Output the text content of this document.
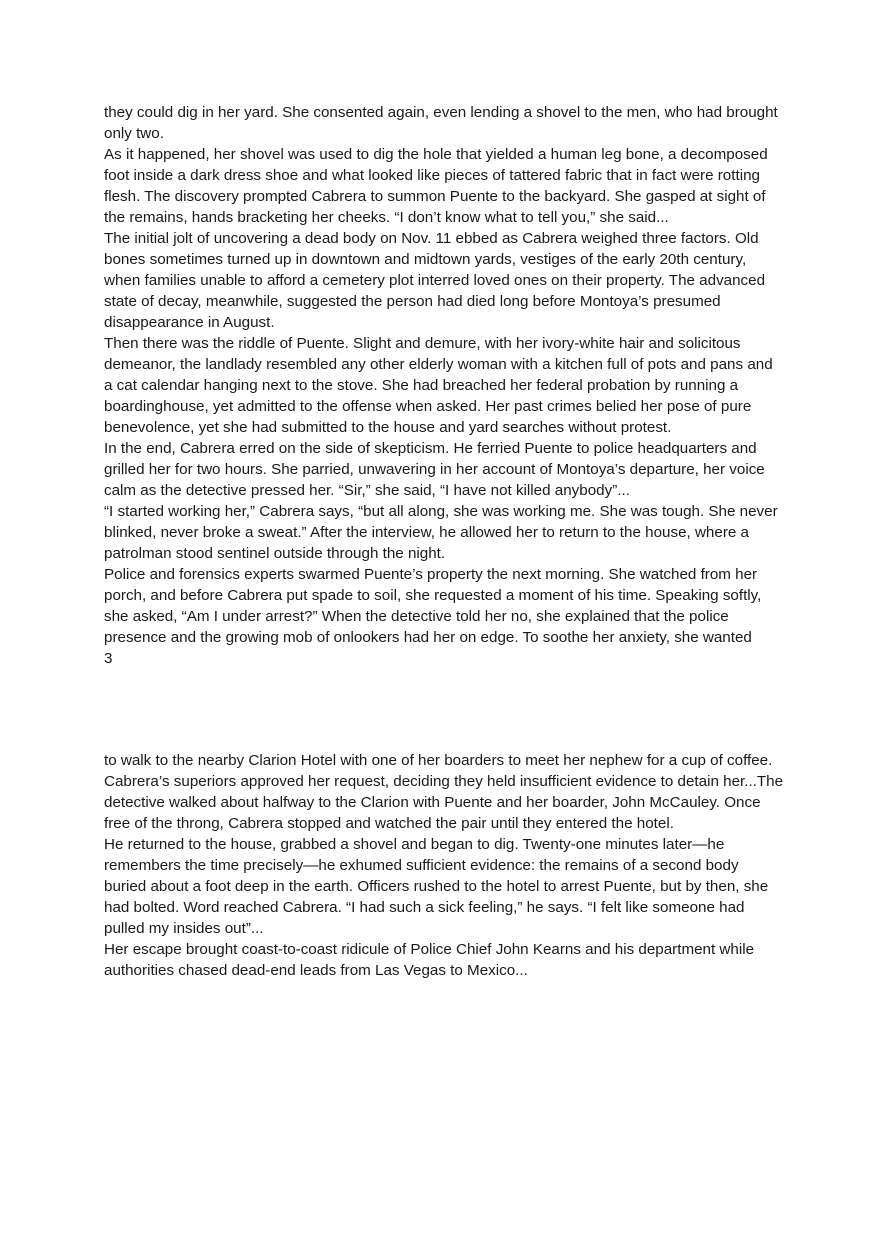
they could dig in her yard. She consented again, even lending a shovel to the men, who had brought only two.

As it happened, her shovel was used to dig the hole that yielded a human leg bone, a decomposed foot inside a dark dress shoe and what looked like pieces of tattered fabric that in fact were rotting flesh. The discovery prompted Cabrera to summon Puente to the backyard. She gasped at sight of the remains, hands bracketing her cheeks. “I don’t know what to tell you,” she said...

The initial jolt of uncovering a dead body on Nov. 11 ebbed as Cabrera weighed three factors. Old bones sometimes turned up in downtown and midtown yards, vestiges of the early 20th century, when families unable to afford a cemetery plot interred loved ones on their property. The advanced state of decay, meanwhile, suggested the person had died long before Montoya’s presumed disappearance in August.

Then there was the riddle of Puente. Slight and demure, with her ivory-white hair and solicitous demeanor, the landlady resembled any other elderly woman with a kitchen full of pots and pans and a cat calendar hanging next to the stove. She had breached her federal probation by running a boardinghouse, yet admitted to the offense when asked. Her past crimes belied her pose of pure benevolence, yet she had submitted to the house and yard searches without protest.

In the end, Cabrera erred on the side of skepticism. He ferried Puente to police headquarters and grilled her for two hours. She parried, unwavering in her account of Montoya’s departure, her voice calm as the detective pressed her. “Sir,” she said, “I have not killed anybody”...

“I started working her,” Cabrera says, “but all along, she was working me. She was tough. She never blinked, never broke a sweat.” After the interview, he allowed her to return to the house, where a patrolman stood sentinel outside through the night.

Police and forensics experts swarmed Puente’s property the next morning. She watched from her porch, and before Cabrera put spade to soil, she requested a moment of his time. Speaking softly, she asked, “Am I under arrest?” When the detective told her no, she explained that the police presence and the growing mob of onlookers had her on edge. To soothe her anxiety, she wanted

3

to walk to the nearby Clarion Hotel with one of her boarders to meet her nephew for a cup of coffee.

Cabrera’s superiors approved her request, deciding they held insufficient evidence to detain her...The detective walked about halfway to the Clarion with Puente and her boarder, John McCauley. Once free of the throng, Cabrera stopped and watched the pair until they entered the hotel.

He returned to the house, grabbed a shovel and began to dig. Twenty-one minutes later—he remembers the time precisely—he exhumed sufficient evidence: the remains of a second body buried about a foot deep in the earth. Officers rushed to the hotel to arrest Puente, but by then, she had bolted. Word reached Cabrera. “I had such a sick feeling,” he says. “I felt like someone had pulled my insides out”...

Her escape brought coast-to-coast ridicule of Police Chief John Kearns and his department while authorities chased dead-end leads from Las Vegas to Mexico...
